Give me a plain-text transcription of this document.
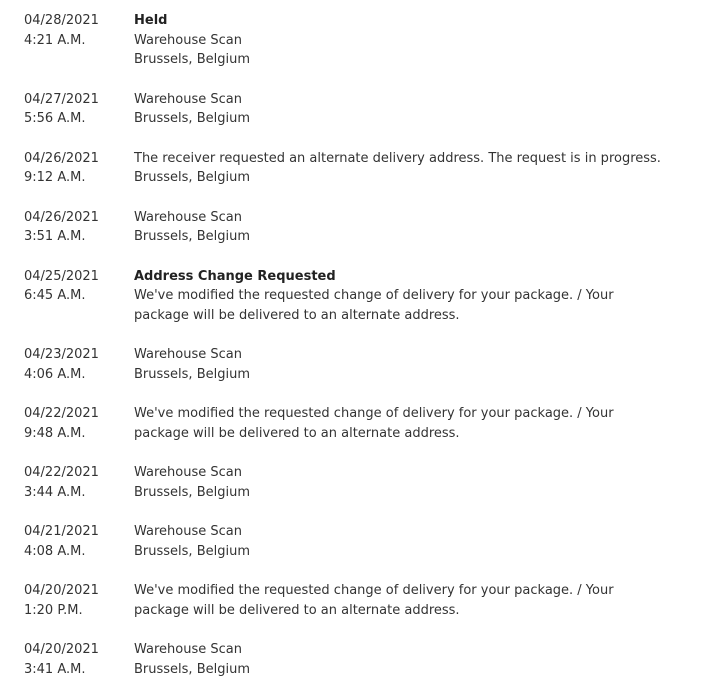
04/28/2021
4:21 A.M.
Held
Warehouse Scan
Brussels, Belgium
04/27/2021
5:56 A.M.
Warehouse Scan
Brussels, Belgium
04/26/2021
9:12 A.M.
The receiver requested an alternate delivery address. The request is in progress.
Brussels, Belgium
04/26/2021
3:51 A.M.
Warehouse Scan
Brussels, Belgium
04/25/2021
6:45 A.M.
Address Change Requested
We've modified the requested change of delivery for your package. / Your package will be delivered to an alternate address.
04/23/2021
4:06 A.M.
Warehouse Scan
Brussels, Belgium
04/22/2021
9:48 A.M.
We've modified the requested change of delivery for your package. / Your package will be delivered to an alternate address.
04/22/2021
3:44 A.M.
Warehouse Scan
Brussels, Belgium
04/21/2021
4:08 A.M.
Warehouse Scan
Brussels, Belgium
04/20/2021
1:20 P.M.
We've modified the requested change of delivery for your package. / Your package will be delivered to an alternate address.
04/20/2021
3:41 A.M.
Warehouse Scan
Brussels, Belgium
